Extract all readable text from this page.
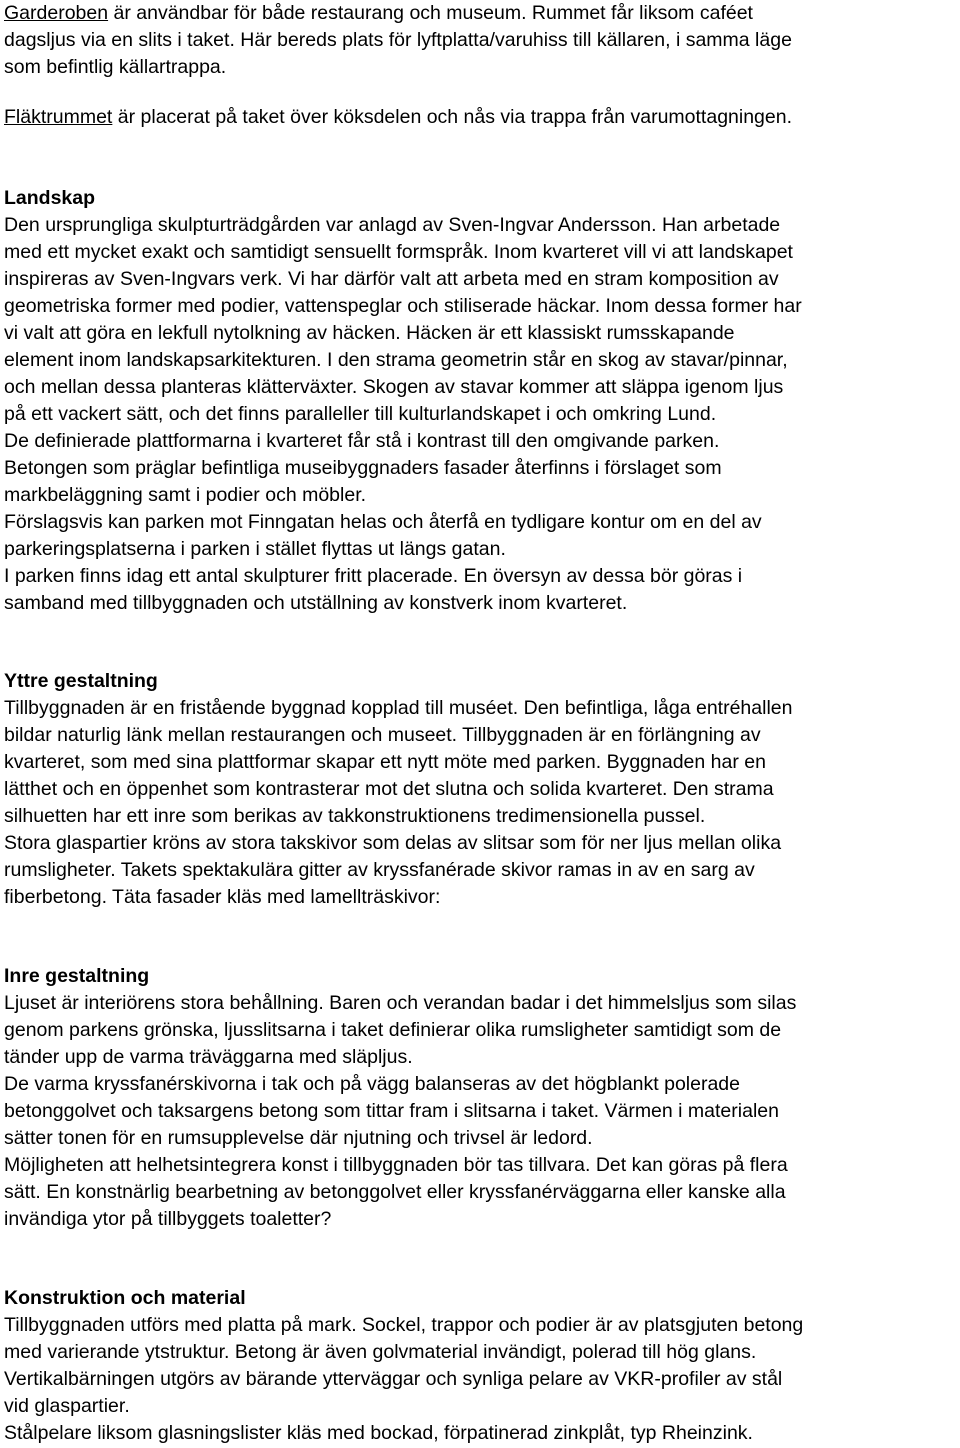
Garderoben är användbar för både restaurang och museum. Rummet får liksom caféet
dagsljus via en slits i taket. Här bereds plats för lyftplatta/varuhiss till källaren, i samma läge
som befintlig källartrappa.
Fläktrummet är placerat på taket över köksdelen och nås via trappa från varumottagningen.
Landskap
Den ursprungliga skulpturträdgården var anlagd av Sven-Ingvar Andersson. Han arbetade
med ett mycket exakt och samtidigt sensuellt formspråk. Inom kvarteret vill vi att landskapet
inspireras av Sven-Ingvars verk. Vi har därför valt att arbeta med en stram komposition av
geometriska former med podier, vattenspeglar och stiliserade häckar. Inom dessa former har
vi valt att göra en lekfull nytolkning av häcken. Häcken är ett klassiskt rumsskapande
element inom landskapsarkitekturen. I den strama geometrin står en skog av stavar/pinnar,
och mellan dessa planteras klätterväxter. Skogen av stavar kommer att släppa igenom ljus
på ett vackert sätt, och det finns paralleller till kulturlandskapet i och omkring Lund.
De definierade plattformarna i kvarteret får stå i kontrast till den omgivande parken.
Betongen som präglar befintliga museibyggnaders fasader återfinns i förslaget som
markbeläggning samt i podier och möbler.
Förslagsvis kan parken mot Finngatan helas och återfå en tydligare kontur om en del av
parkeringsplatserna i parken i stället flyttas ut längs gatan.
I parken finns idag ett antal skulpturer fritt placerade. En översyn av dessa bör göras i
samband med tillbyggnaden och utställning av konstverk inom kvarteret.
Yttre gestaltning
Tillbyggnaden är en fristående byggnad kopplad till muséet. Den befintliga, låga entréhallen
bildar naturlig länk mellan restaurangen och museet. Tillbyggnaden är en förlängning av
kvarteret, som med sina plattformar skapar ett nytt möte med parken. Byggnaden har en
lätthet och en öppenhet som kontrasterar mot det slutna och solida kvarteret. Den strama
silhuetten har ett inre som berikas av takkonstruktionens tredimensionella pussel.
Stora glaspartier kröns av stora takskivor som delas av slitsar som för ner ljus mellan olika
rumsligheter. Takets spektakulära gitter av kryssfanérade skivor ramas in av en sarg av
fiberbetong. Täta fasader kläs med lamellträskivor:
Inre gestaltning
Ljuset är interiörens stora behållning. Baren och verandan badar i det himmelsljus som silas
genom parkens grönska, ljusslitsarna i taket definierar olika rumsligheter samtidigt som de
tänder upp de varma träväggarna med släpljus.
De varma kryssfanérskivorna i tak och på vägg balanseras av det högblankt polerade
betonggolvet och taksargens betong som tittar fram i slitsarna i taket. Värmen i materialen
sätter tonen för en rumsupplevelse där njutning och trivsel är ledord.
Möjligheten att helhetsintegrera konst i tillbyggnaden bör tas tillvara. Det kan göras på flera
sätt. En konstnärlig bearbetning av betonggolvet eller kryssfanérväggarna eller kanske alla
invändiga ytor på tillbyggets toaletter?
Konstruktion och material
Tillbyggnaden utförs med platta på mark. Sockel, trappor och podier är av platsgjuten betong
med varierande ytstruktur. Betong är även golvmaterial invändigt, polerad till hög glans.
Vertikalbärningen utgörs av bärande ytterväggar och synliga pelare av VKR-profiler av stål
vid glaspartier.
Stålpelare liksom glasningslister kläs med bockad, förpatinerad zinkplåt, typ Rheinzink.
